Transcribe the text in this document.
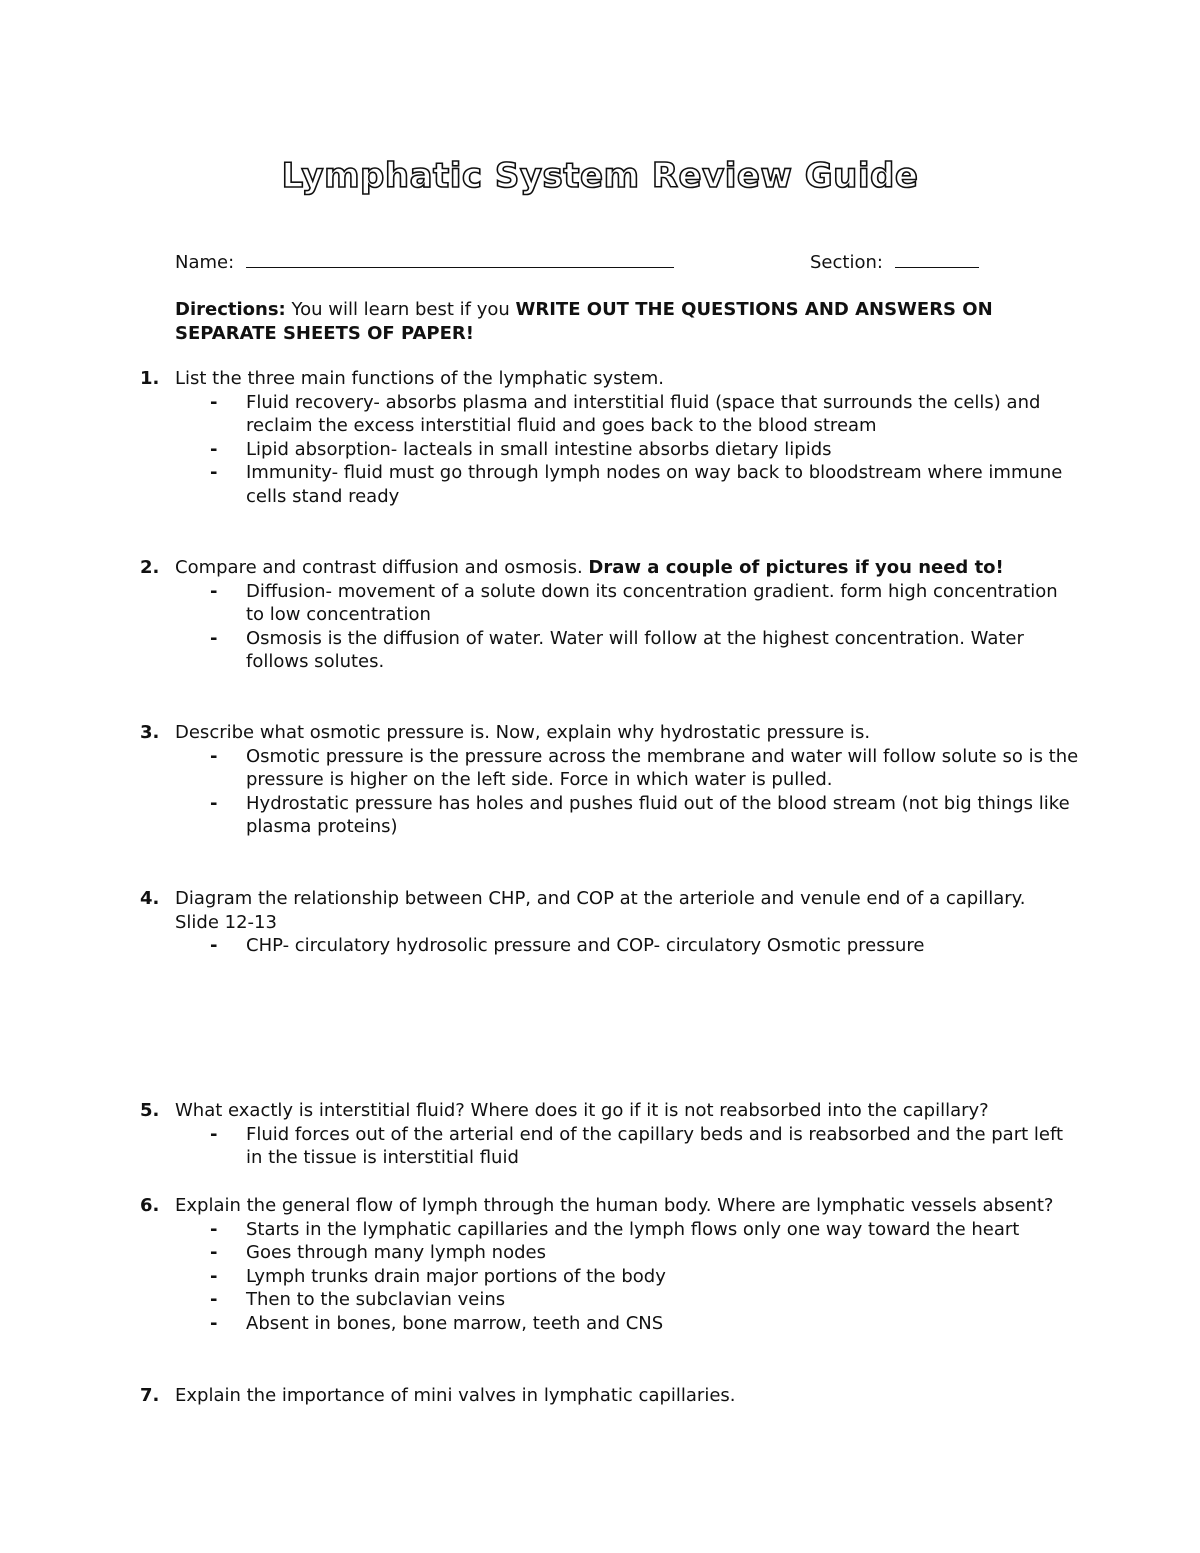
Lymphatic System Review Guide
Name:	Section:
Directions: You will learn best if you WRITE OUT THE QUESTIONS AND ANSWERS ON SEPARATE SHEETS OF PAPER!
1. List the three main functions of the lymphatic system.
- Fluid recovery- absorbs plasma and interstitial fluid (space that surrounds the cells) and reclaim the excess interstitial fluid and goes back to the blood stream
- Lipid absorption- lacteals in small intestine absorbs dietary lipids
- Immunity- fluid must go through lymph nodes on way back to bloodstream where immune cells stand ready
2. Compare and contrast diffusion and osmosis. Draw a couple of pictures if you need to!
- Diffusion- movement of a solute down its concentration gradient. form high concentration to low concentration
- Osmosis is the diffusion of water. Water will follow at the highest concentration. Water follows solutes.
3. Describe what osmotic pressure is. Now, explain why hydrostatic pressure is.
- Osmotic pressure is the pressure across the membrane and water will follow solute so is the pressure is higher on the left side. Force in which water is pulled.
- Hydrostatic pressure has holes and pushes fluid out of the blood stream (not big things like plasma proteins)
4. Diagram the relationship between CHP, and COP at the arteriole and venule end of a capillary.
Slide 12-13
- CHP- circulatory hydrosolic pressure and COP- circulatory Osmotic pressure
5. What exactly is interstitial fluid? Where does it go if it is not reabsorbed into the capillary?
- Fluid forces out of the arterial end of the capillary beds and is reabsorbed and the part left in the tissue is interstitial fluid
6. Explain the general flow of lymph through the human body. Where are lymphatic vessels absent?
- Starts in the lymphatic capillaries and the lymph flows only one way toward the heart
- Goes through many lymph nodes
- Lymph trunks drain major portions of the body
- Then to the subclavian veins
- Absent in bones, bone marrow, teeth and CNS
7. Explain the importance of mini valves in lymphatic capillaries.
